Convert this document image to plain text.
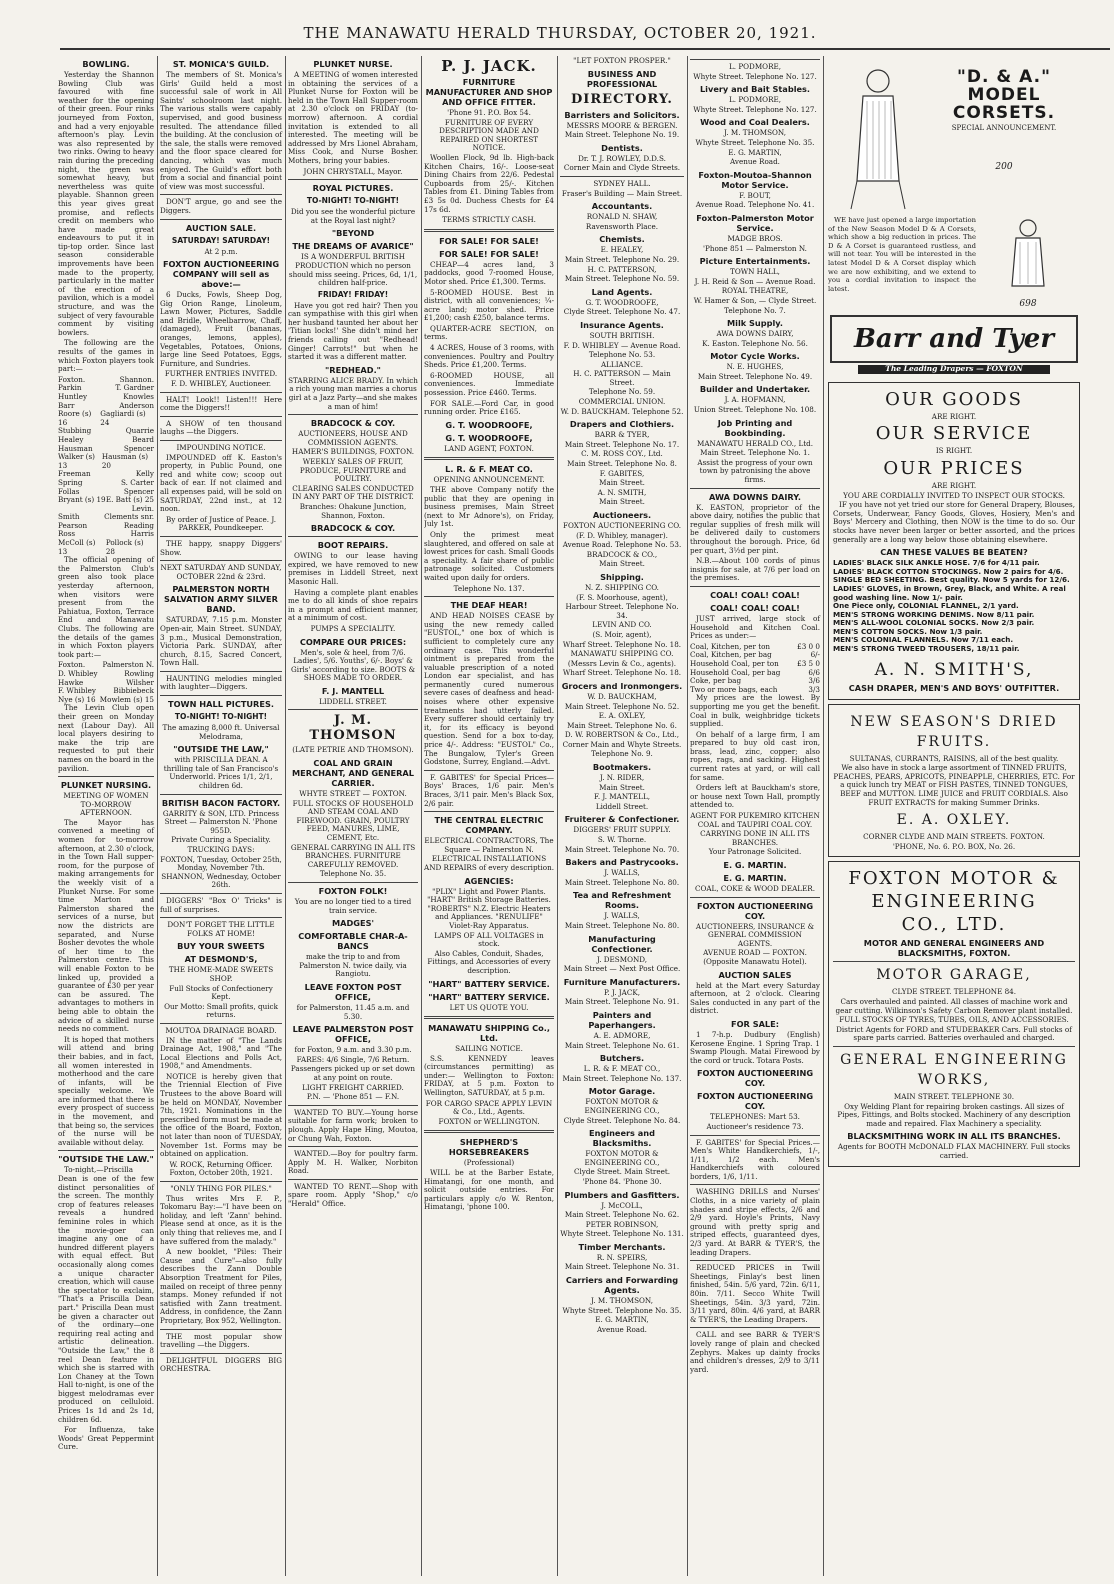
THE MANAWATU HERALD THURSDAY, OCTOBER 20, 1921.
BOWLING.
Yesterday the Shannon Bowling Club was favoured with fine weather for the opening of their green. Four rinks journeyed from Foxton, and had a very enjoyable afternoon's play. Levin was also represented by two rinks. Owing to heavy rain during the preceding night, the green was somewhat heavy, but nevertheless was quite playable. Shannon green this year gives great promise, and reflects credit on members who have made great endeavours to put it in tip-top order. Since last season considerable improvements have been made to the property, particularly in the matter of the erection of a pavilion, which is a model structure, and was the subject of very favourable comment by visiting bowlers.
The following are the results of the games in which Foxton players took part:—
Foxton.	Shannon.
Parkin	T. Gardner
Huntley	Knowles
Barr	Anderson
Roore (s) 16
Gagliardi (s) 24
Stubbing	Quarrie
Healey	Beard
Hausman	Spencer
Walker (s) 13
Hausman (s) 20
Freeman	Kelly
Spring	S. Carter
Follas	Spencer
Bryant (s) 19 E. Batt (s) 25
Levin.
Smith	Clements snr.
Pearson	Reading
Ross	Harris
McColl (s) 13
Pollock (s) 28
The official opening of the Palmerston Club's green also took place yesterday afternoon, when visitors were present from the Pahiatua, Foxton, Terrace End and Manawatu Clubs. The following are the details of the games in which Foxton players took part:—
Foxton. Palmerston N.
D. Whibley	Rowling
Hawke	Wilsher
F. Whibley Bibbiebeck
Nye (s) 16 Mowlem (s) 15
The Levin Club open their green on Monday next (Labour Day). All local players desiring to make the trip are requested to put their names on the board in the pavilion.
PLUNKET NURSING.
MEETING OF WOMEN TO-MORROW AFTERNOON.
The Mayor has convened a meeting of women for to-morrow afternoon, at 2.30 o'clock, in the Town Hall supper-room, for the purpose of making arrangements for the weekly visit of a Plunket Nurse. For some time Marton and Palmerston shared the services of a nurse, but now the districts are separated, and Nurse Bosher devotes the whole of her time to the Palmerston centre. This will enable Foxton to be linked up, provided a guarantee of £30 per year can be assured. The advantages to mothers in being able to obtain the advice of a skilled nurse needs no comment.
It is hoped that mothers will attend and bring their babies, and in fact, all women interested in motherhood and the care of infants, will be specially welcome. We are informed that there is every prospect of success in the movement, and that being so, the services of the nurse will be available without delay.
"OUTSIDE THE LAW."
To-night,—Priscilla Dean is one of the few distinct personalities of the screen. The monthly crop of features releases reveals a hundred feminine roles in which the movie-goer can imagine any one of a hundred different players with equal effect. But occasionally along comes a unique character creation, which will cause the spectator to exclaim, "That's a Priscilla Dean part." Priscilla Dean must be given a character out of the ordinary—one requiring real acting and artistic delineation. "Outside the Law," the 8 reel Dean feature in which she is starred with Lon Chaney at the Town Hall to-night, is one of the biggest melodramas ever produced on celluloid. Prices 1s 1d and 2s 1d, children 6d.
For Influenza, take Woods' Great Peppermint Cure.
ST. MONICA'S GUILD.
The members of St. Monica's Girls' Guild held a most successful sale of work in All Saints' schoolroom last night. The various stalls were capably supervised, and good business resulted. The attendance filled the building. At the conclusion of the sale, the stalls were removed and the floor space cleared for dancing, which was much enjoyed. The Guild's effort both from a social and financial point of view was most successful.
DON'T argue, go and see the Diggers.
AUCTION SALE.
SATURDAY! SATURDAY!
At 2 p.m.
FOXTON AUCTIONEERING COMPANY will sell as above:—
6 Ducks, Fowls, Sheep Dog, Gig Orion Range, Linoleum, Lawn Mower, Pictures, Saddle and Bridle, Wheelbarrow, Chaff, (damaged), Fruit (bananas, oranges, lemons, apples), Vegetables, Potatoes, Onions, large line Seed Potatoes, Eggs, Furniture, and Sundries.
FURTHER ENTRIES INVITED.
F. D. WHIBLEY, Auctioneer.
HALT! Look!! Listen!!! Here come the Diggers!!
A SHOW of ten thousand laughs —the Diggers.
IMPOUNDING NOTICE.
IMPOUNDED off K. Easton's property, in Public Pound, one red and white cow; scoop out back of ear. If not claimed and all expenses paid, will be sold on SATURDAY, 22nd inst., at 12 noon.
By order of Justice of Peace. J. PARKER, Poundkeeper.
THE happy, snappy Diggers' Show.
NEXT SATURDAY AND SUNDAY, OCTOBER 22nd & 23rd.
PALMERSTON NORTH SALVATION ARMY SILVER BAND.
SATURDAY, 7.15 p.m. Monster Open-air, Main Street. SUNDAY, 3 p.m., Musical Demonstration, Victoria Park. SUNDAY, after church, 8.15, Sacred Concert, Town Hall.
HAUNTING melodies mingled with laughter—Diggers.
TOWN HALL PICTURES.
TO-NIGHT! TO-NIGHT!
The amazing 8,000 ft. Universal Melodrama,
"OUTSIDE THE LAW,"
with PRISCILLA DEAN. A thrilling tale of San Francisco's Underworld. Prices 1/1, 2/1, children 6d.
BRITISH BACON FACTORY.
GARRITY & SON, LTD. Princess Street — Palmerston N. 'Phone 955D.
Private Curing a Speciality.
TRUCKING DAYS:
FOXTON, Tuesday, October 25th, Monday, November 7th. SHANNON, Wednesday, October 26th.
DIGGERS' "Box O' Tricks" is full of surprises.
DON'T FORGET THE LITTLE FOLKS AT HOME!
BUY YOUR SWEETS
AT DESMOND'S,
THE HOME-MADE SWEETS SHOP.
Full Stocks of Confectionery Kept.
Our Motto: Small profits, quick returns.
MOUTOA DRAINAGE BOARD.
IN the matter of "The Lands Drainage Act, 1908," and "The Local Elections and Polls Act, 1908," and Amendments.
NOTICE is hereby given that the Triennial Election of Five Trustees to the above Board will be held on MONDAY, November 7th, 1921. Nominations in the prescribed form must be made at the office of the Board, Foxton, not later than noon of TUESDAY, November 1st. Forms may be obtained on application.
W. ROCK, Returning Officer. Foxton, October 20th, 1921.
"ONLY THING FOR PILES."
Thus writes Mrs F. P., Tokomaru Bay:—"I have been on holiday, and left 'Zann' behind. Please send at once, as it is the only thing that relieves me, and I have suffered from the malady."
A new booklet, "Piles: Their Cause and Cure"—also fully describes the Zann Double Absorption Treatment for Piles, mailed on receipt of three penny stamps. Money refunded if not satisfied with Zann treatment. Address, in confidence, the Zann Proprietary, Box 952, Wellington.
THE most popular show travelling —the Diggers.
DELIGHTFUL DIGGERS BIG ORCHESTRA.
PLUNKET NURSE.
A MEETING of women interested in obtaining the services of a Plunket Nurse for Foxton will be held in the Town Hall Supper-room at 2.30 o'clock on FRIDAY (to-morrow) afternoon. A cordial invitation is extended to all interested. The meeting will be addressed by Mrs Lionel Abraham, Miss Cook, and Nurse Bosher. Mothers, bring your babies.
JOHN CHRYSTALL, Mayor.
ROYAL PICTURES.
TO-NIGHT! TO-NIGHT!
Did you see the wonderful picture at the Royal last night?
"BEYOND
THE DREAMS OF AVARICE"
IS A WONDERFUL BRITISH PRODUCTION which no person should miss seeing. Prices, 6d, 1/1, children half-price.
FRIDAY! FRIDAY!
Have you got red hair? Then you can sympathise with this girl when her husband taunted her about her 'Titian locks!' She didn't mind her friends calling out "Redhead! Ginger! Carrots!" but when he started it was a different matter.
"REDHEAD."
STARRING ALICE BRADY. In which a rich young man marries a chorus girl at a Jazz Party—and she makes a man of him!
BRADCOCK & COY.
AUCTIONEERS, HOUSE AND COMMISSION AGENTS.
HAMER'S BUILDINGS, FOXTON.
WEEKLY SALES OF FRUIT, PRODUCE, FURNITURE and POULTRY.
CLEARING SALES CONDUCTED IN ANY PART OF THE DISTRICT.
Branches: Ohakune Junction, Shannon, Foxton.
BRADCOCK & COY.
BOOT REPAIRS.
OWING to our lease having expired, we have removed to new premises in Liddell Street, next Masonic Hall.
Having a complete plant enables me to do all kinds of shoe repairs in a prompt and efficient manner, at a minimum of cost.
PUMPS A SPECIALITY.
COMPARE OUR PRICES:
Men's, sole & heel, from 7/6. Ladies', 5/6. Youths', 6/-. Boys' & Girls' according to size. BOOTS & SHOES MADE TO ORDER.
F. J. MANTELL
LIDDELL STREET.
J. M. THOMSON
(LATE PETRIE AND THOMSON).
COAL AND GRAIN MERCHANT, AND GENERAL CARRIER.
WHYTE STREET — FOXTON.
FULL STOCKS OF HOUSEHOLD AND STEAM COAL AND FIREWOOD. GRAIN, POULTRY FEED, MANURES, LIME, CEMENT, Etc.
GENERAL CARRYING IN ALL ITS BRANCHES. FURNITURE CAREFULLY REMOVED.
Telephone No. 35.
FOXTON FOLK!
You are no longer tied to a tired train service.
MADGES'
COMFORTABLE CHAR-A-BANCS
make the trip to and from Palmerston N. twice daily, via Rangiotu.
LEAVE FOXTON POST OFFICE,
for Palmerston, 11.45 a.m. and 5.30.
LEAVE PALMERSTON POST OFFICE,
for Foxton, 9 a.m. and 3.30 p.m.
FARES: 4/6 Single, 7/6 Return.
Passengers picked up or set down at any point on route.
LIGHT FREIGHT CARRIED.
P.N. — 'Phone 851 — F.N.
WANTED TO BUY.—Young horse suitable for farm work; broken to plough. Apply Hape Hing, Moutoa, or Chung Wah, Foxton.
WANTED.—Boy for poultry farm. Apply M. H. Walker, Norbiton Road.
WANTED TO RENT.—Shop with spare room. Apply "Shop," c/o "Herald" Office.
P. J. JACK.
FURNITURE MANUFACTURER AND SHOP AND OFFICE FITTER.
'Phone 91. P.O. Box 54.
FURNITURE OF EVERY DESCRIPTION MADE AND REPAIRED ON SHORTEST NOTICE.
Woollen Flock, 9d lb. High-back Kitchen Chairs, 16/-. Loose-seat Dining Chairs from 22/6. Pedestal Cupboards from 25/-. Kitchen Tables from £1. Dining Tables from £3 5s 0d. Duchess Chests for £4 17s 6d.
TERMS STRICTLY CASH.
FOR SALE! FOR SALE!
FOR SALE! FOR SALE!
CHEAP—4 acres land, 3 paddocks, good 7-roomed House, Motor shed. Price £1,300. Terms.
5-ROOMED HOUSE. Best in district, with all conveniences; ¼-acre land; motor shed. Price £1,200; cash £250, balance terms.
QUARTER-ACRE SECTION, on terms.
4 ACRES, House of 3 rooms, with conveniences. Poultry and Poultry Sheds. Price £1,200. Terms.
6-ROOMED HOUSE, all conveniences. Immediate possession. Price £460. Terms.
FOR SALE.—Ford Car, in good running order. Price £165.
G. T. WOODROOFE,
G. T. WOODROOFE,
LAND AGENT, FOXTON.
L. R. & F. MEAT CO.
OPENING ANNOUNCEMENT.
THE above Company notify the public that they are opening in business premises, Main Street (next to Mr Adnore's), on Friday, July 1st.
Only the primest meat slaughtered, and offered on sale at lowest prices for cash. Small Goods a speciality. A fair share of public patronage solicited. Customers waited upon daily for orders.
Telephone No. 137.
THE DEAF HEAR!
AND HEAD NOISES CEASE by using the new remedy called "EUSTOL," one box of which is sufficient to completely cure any ordinary case. This wonderful ointment is prepared from the valuable prescription of a noted London ear specialist, and has permanently cured numerous severe cases of deafness and head-noises where other expensive treatments had utterly failed. Every sufferer should certainly try it, for its efficacy is beyond question. Send for a box to-day, price 4/-. Address: "EUSTOL" Co., The Bungalow, Tyler's Green Godstone, Surrey, England.—Advt.
F. GABITES' for Special Prices—Boys' Braces, 1/6 pair. Men's Braces, 3/11 pair. Men's Black Sox, 2/6 pair.
THE CENTRAL ELECTRIC COMPANY.
ELECTRICAL CONTRACTORS, The Square — Palmerston N.
ELECTRICAL INSTALLATIONS AND REPAIRS of every description.
AGENCIES:
"PLIX" Light and Power Plants. "HART" British Storage Batteries. "ROBERTS" N.Z. Electric Heaters and Appliances. "RENULIFE" Violet-Ray Apparatus.
LAMPS OF ALL VOLTAGES in stock.
Also Cables, Conduit, Shades, Fittings, and Accessories of every description.
"HART" BATTERY SERVICE.
"HART" BATTERY SERVICE.
LET US QUOTE YOU.
MANAWATU SHIPPING Co., Ltd.
SAILING NOTICE.
S.S. KENNEDY leaves (circumstances permitting) as under:— Wellington to Foxton: FRIDAY, at 5 p.m. Foxton to Wellington, SATURDAY, at 5 p.m.
FOR CARGO SPACE APPLY LEVIN & Co., Ltd., Agents.
FOXTON or WELLINGTON.
SHEPHERD'S HORSEBREAKERS
(Professional)
WILL be at the Barber Estate, Himatangi, for one month, and solicit outside entries. For particulars apply c/o W. Renton, Himatangi, 'phone 100.
"LET FOXTON PROSPER."
BUSINESS AND PROFESSIONAL
DIRECTORY.
Barristers and Solicitors.
MESSRS MOORE & BERGEN.
Main Street. Telephone No. 19.
Dentists.
Dr. T. J. ROWLEY, D.D.S.
Corner Main and Clyde Streets.
SYDNEY HALL.
Fraser's Building — Main Street.
Accountants.
RONALD N. SHAW,
Ravensworth Place.
Chemists.
E. HEALEY,
Main Street. Telephone No. 29.
H. C. PATTERSON,
Main Street. Telephone No. 59.
Land Agents.
G. T. WOODROOFE,
Clyde Street. Telephone No. 47.
Insurance Agents.
SOUTH BRITISH.
F. D. WHIBLEY — Avenue Road.
Telephone No. 53.
ALLIANCE.
H. C. PATTERSON — Main Street.
Telephone No. 59.
COMMERCIAL UNION.
W. D. BAUCKHAM. Telephone 52.
Drapers and Clothiers.
BARR & TYER,
Main Street. Telephone No. 17.
C. M. ROSS COY., Ltd.
Main Street. Telephone No. 8.
F. GABITES,
Main Street.
A. N. SMITH,
Main Street.
Auctioneers.
FOXTON AUCTIONEERING CO.
(F. D. Whibley, manager).
Avenue Road. Telephone No. 53.
BRADCOCK & CO.,
Main Street.
Shipping.
N. Z. SHIPPING CO.
(F. S. Moorhouse, agent),
Harbour Street. Telephone No. 34.
LEVIN AND CO.
(S. Moir, agent),
Wharf Street. Telephone No. 18.
MANAWATU SHIPPING CO.
(Messrs Levin & Co., agents).
Wharf Street. Telephone No. 18.
Grocers and Ironmongers.
W. D. BAUCKHAM,
Main Street. Telephone No. 52.
E. A. OXLEY,
Main Street. Telephone No. 6.
D. W. ROBERTSON & Co., Ltd.,
Corner Main and Whyte Streets.
Telephone No. 9.
Bootmakers.
J. N. RIDER,
Main Street.
F. J. MANTELL,
Liddell Street.
Fruiterer & Confectioner.
DIGGERS' FRUIT SUPPLY.
S. W. Thorne.
Main Street. Telephone No. 70.
Bakers and Pastrycooks.
J. WALLS,
Main Street. Telephone No. 80.
Tea and Refreshment Rooms.
J. WALLS,
Main Street. Telephone No. 80.
Manufacturing Confectioner.
J. DESMOND,
Main Street — Next Post Office.
Furniture Manufacturers.
P. J. JACK,
Main Street. Telephone No. 91.
Painters and Paperhangers.
A. E. ADMORE,
Main Street. Telephone No. 61.
Butchers.
L. R. & F. MEAT CO.,
Main Street. Telephone No. 137.
Motor Garage.
FOXTON MOTOR & ENGINEERING CO.,
Clyde Street. Telephone No. 84.
Engineers and Blacksmiths.
FOXTON MOTOR & ENGINEERING CO.,
Clyde Street. Main Street.
'Phone 84. 'Phone 30.
Plumbers and Gasfitters.
J. McCOLL,
Main Street. Telephone No. 62.
PETER ROBINSON,
Whyte Street. Telephone No. 131.
Timber Merchants.
R. N. SPEIRS,
Main Street. Telephone No. 31.
Carriers and Forwarding Agents.
J. M. THOMSON,
Whyte Street. Telephone No. 35.
E. G. MARTIN,
Avenue Road.
L. PODMORE,
Whyte Street. Telephone No. 127.
Livery and Bait Stables.
L. PODMORE,
Whyte Street. Telephone No. 127.
Wood and Coal Dealers.
J. M. THOMSON,
Whyte Street. Telephone No. 35.
E. G. MARTIN,
Avenue Road.
Foxton-Moutoa-Shannon Motor Service.
F. BOUT,
Avenue Road. Telephone No. 41.
Foxton-Palmerston Motor Service.
MADGE BROS.
'Phone 851 — Palmerston N.
Picture Entertainments.
TOWN HALL,
J. H. Reid & Son — Avenue Road.
ROYAL THEATRE,
W. Hamer & Son, — Clyde Street.
Telephone No. 7.
Milk Supply.
AWA DOWNS DAIRY,
K. Easton. Telephone No. 56.
Motor Cycle Works.
N. E. HUGHES,
Main Street. Telephone No. 49.
Builder and Undertaker.
J. A. HOFMANN,
Union Street. Telephone No. 108.
Job Printing and Bookbinding.
MANAWATU HERALD CO., Ltd.
Main Street. Telephone No. 1.
Assist the progress of your own town by patronising the above firms.
AWA DOWNS DAIRY.
K. EASTON, proprietor of the above dairy, notifies the public that regular supplies of fresh milk will be delivered daily to customers throughout the borough. Price, 6d per quart, 3½d per pint.
N.B.—About 100 cords of pinus insignis for sale, at 7/6 per load on the premises.
COAL! COAL! COAL!
COAL! COAL! COAL!
JUST arrived, large stock of Household and Kitchen Coal. Prices as under:—
Coal, Kitchen, per ton	£3 0 0
Coal, Kitchen, per bag	6/-
Household Coal, per ton	£3 5 0
Household Coal, per bag	6/6
Coke, per bag	3/6
Two or more bags, each	3/3
My prices are the lowest. By supporting me you get the benefit. Coal in bulk, weighbridge tickets supplied.
On behalf of a large firm, I am prepared to buy old cast iron, brass, lead, zinc, copper; also ropes, rags, and sacking. Highest current rates at yard, or will call for same.
Orders left at Bauckham's store, or house next Town Hall, promptly attended to.
AGENT FOR PUKEMIRO KITCHEN COAL and TAUPIRI COAL COY.
CARRYING DONE IN ALL ITS BRANCHES.
Your Patronage Solicited.
E. G. MARTIN.
E. G. MARTIN.
COAL, COKE & WOOD DEALER.
FOXTON AUCTIONEERING COY.
AUCTIONEERS, INSURANCE & GENERAL COMMISSION AGENTS.
AVENUE ROAD — FOXTON. (Opposite Manawatu Hotel).
AUCTION SALES
held at the Mart every Saturday afternoon, at 2 o'clock. Clearing Sales conducted in any part of the district.
FOR SALE:
1 7-h.p. Dudbury (English) Kerosene Engine. 1 Spring Trap. 1 Swamp Plough. Matai Firewood by the cord or truck. Totara Posts.
FOXTON AUCTIONEERING COY.
FOXTON AUCTIONEERING COY.
TELEPHONES: Mart 53.
Auctioneer's residence 73.
F. GABITES' for Special Prices.—Men's White Handkerchiefs, 1/-, 1/11, 1/2 each. Men's Handkerchiefs with coloured borders, 1/6, 1/11.
WASHING DRILLS and Nurses' Cloths, in a nice variety of plain shades and stripe effects, 2/6 and 2/9 yard. Hoyle's Prints, Navy ground with pretty sprig and striped effects, guaranteed dyes, 2/3 yard. At BARR & TYER'S, the leading Drapers.
REDUCED PRICES in Twill Sheetings, Finlay's best linen finished, 54in. 5/6 yard, 72in. 6/11, 80in. 7/11. Secco White Twill Sheetings, 54in. 3/3 yard, 72in. 3/11 yard, 80in. 4/6 yard, at BARR & TYER'S, the Leading Drapers.
CALL and see BARR & TYER'S lovely range of plain and checked Zephyrs. Makes up dainty frocks and children's dresses, 2/9 to 3/11 yard.
"D. & A."
MODEL
CORSETS.
SPECIAL ANNOUNCEMENT.
200
WE have just opened a large importation of the New Season Model D & A Corsets, which show a big reduction in prices. The D & A Corset is guaranteed rustless, and will not tear. You will be interested in the latest Model D & A Corset display which we are now exhibiting, and we extend to you a cordial invitation to inspect the latest.
698
Barr and Tyer
The Leading Drapers — FOXTON
OUR GOODS
ARE RIGHT.
OUR SERVICE
IS RIGHT.
OUR PRICES
ARE RIGHT.
YOU ARE CORDIALLY INVITED TO INSPECT OUR STOCKS.
IF you have not yet tried our store for General Drapery, Blouses, Corsets, Underwear, Fancy Goods, Gloves, Hosiery, Men's and Boys' Mercery and Clothing, then NOW is the time to do so. Our stocks have never been larger or better assorted, and the prices generally are a long way below those obtaining elsewhere.
CAN THESE VALUES BE BEATEN?
LADIES' BLACK SILK ANKLE HOSE. 7/6 for 4/11 pair.
LADIES' BLACK COTTON STOCKINGS. Now 2 pairs for 4/6.
SINGLE BED SHEETING. Best quality. Now 5 yards for 12/6.
LADIES' GLOVES, in Brown, Grey, Black, and White. A real good washing line. Now 1/- pair.
One Piece only, COLONIAL FLANNEL, 2/1 yard.
MEN'S STRONG WORKING DENIMS. Now 8/11 pair.
MEN'S ALL-WOOL COLONIAL SOCKS. Now 2/3 pair.
MEN'S COTTON SOCKS. Now 1/3 pair.
MEN'S COLONIAL FLANNELS. Now 7/11 each.
MEN'S STRONG TWEED TROUSERS, 18/11 pair.
A. N. SMITH'S,
CASH DRAPER, MEN'S AND BOYS' OUTFITTER.
NEW SEASON'S DRIED FRUITS.
SULTANAS, CURRANTS, RAISINS, all of the best quality.
We also have in stock a large assortment of TINNED FRUITS, PEACHES, PEARS, APRICOTS, PINEAPPLE, CHERRIES, ETC. For a quick lunch try MEAT or FISH PASTES, TINNED TONGUES, BEEF and MUTTON. LIME JUICE and FRUIT CORDIALS. Also FRUIT EXTRACTS for making Summer Drinks.
E. A. OXLEY.
CORNER CLYDE AND MAIN STREETS. FOXTON.
'PHONE, No. 6. P.O. BOX, No. 26.
FOXTON MOTOR &
ENGINEERING
CO., LTD.
MOTOR AND GENERAL ENGINEERS AND BLACKSMITHS, FOXTON.
MOTOR GARAGE,
CLYDE STREET. TELEPHONE 84.
Cars overhauled and painted. All classes of machine work and gear cutting. Wilkinson's Safety Carbon Remover plant installed.
FULL STOCKS OF TYRES, TUBES, OILS, AND ACCESSORIES.
District Agents for FORD and STUDEBAKER Cars. Full stocks of spare parts carried. Batteries overhauled and charged.
GENERAL ENGINEERING WORKS,
MAIN STREET. TELEPHONE 30.
Oxy Welding Plant for repairing broken castings. All sizes of Pipes, Fittings, and Bolts stocked. Machinery of any description made and repaired. Flax Machinery a speciality.
BLACKSMITHING WORK IN ALL ITS BRANCHES.
Agents for BOOTH McDONALD FLAX MACHINERY. Full stocks carried.
